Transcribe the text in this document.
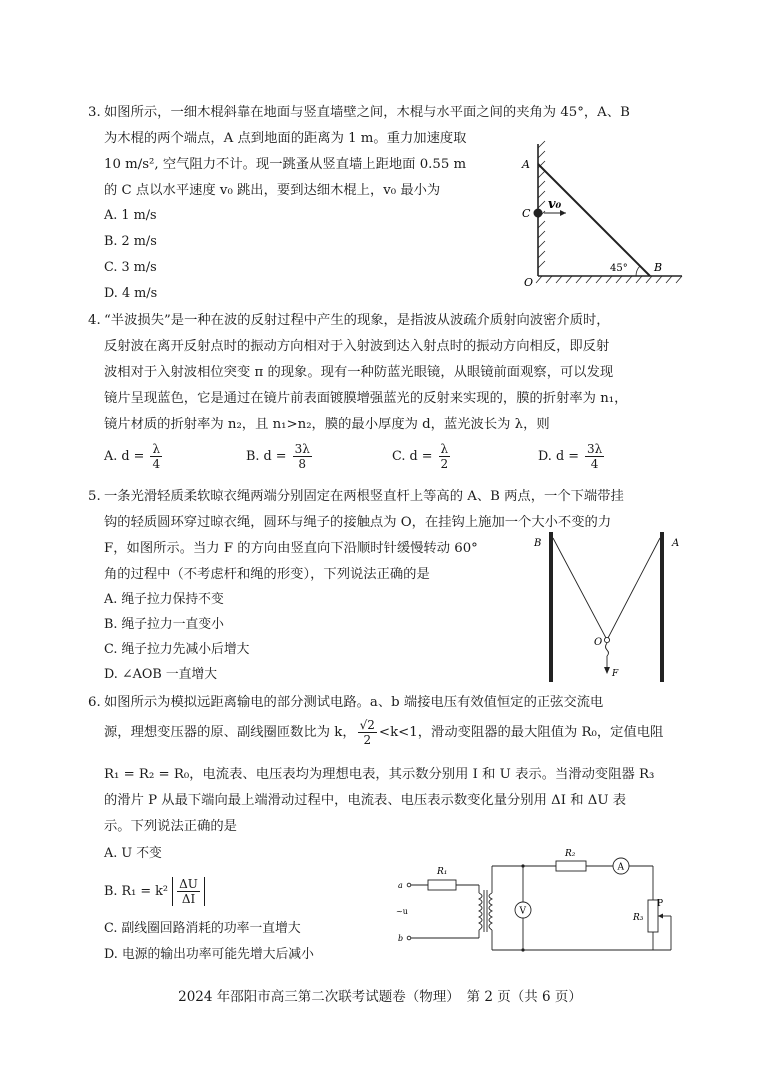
3. 如图所示，一细木棍斜靠在地面与竖直墙壁之间，木棍与水平面之间的夹角为 45°，A、B
为木棍的两个端点，A 点到地面的距离为 1 m。重力加速度取
10 m/s², 空气阻力不计。现一跳蚤从竖直墙上距地面 0.55 m
的 C 点以水平速度 v₀ 跳出，要到达细木棍上，v₀ 最小为
A. 1 m/s
B. 2 m/s
C. 3 m/s
D. 4 m/s
A
C
O
B
45°
v₀
4. “半波损失”是一种在波的反射过程中产生的现象，是指波从波疏介质射向波密介质时，
反射波在离开反射点时的振动方向相对于入射波到达入射点时的振动方向相反，即反射
波相对于入射波相位突变 π 的现象。现有一种防蓝光眼镜，从眼镜前面观察，可以发现
镜片呈现蓝色，它是通过在镜片前表面镀膜增强蓝光的反射来实现的，膜的折射率为 n₁，
镜片材质的折射率为 n₂，且 n₁>n₂，膜的最小厚度为 d，蓝光波长为 λ，则
A. $d = \frac{\lambda}{4}$	B. $d = \frac{3\lambda}{8}$	C. $d = \frac{\lambda}{2}$	D. $d = \frac{3\lambda}{4}$
5. 一条光滑轻质柔软晾衣绳两端分别固定在两根竖直杆上等高的 A、B 两点，一个下端带挂
钩的轻质圆环穿过晾衣绳，圆环与绳子的接触点为 O，在挂钩上施加一个大小不变的力
F，如图所示。当力 F 的方向由竖直向下沿顺时针缓慢转动 60°
角的过程中（不考虑杆和绳的形变），下列说法正确的是
A. 绳子拉力保持不变
B. 绳子拉力一直变小
C. 绳子拉力先减小后增大
D. ∠AOB 一直增大
B	A
O
F
6. 如图所示为模拟远距离输电的部分测试电路。a、b 端接电压有效值恒定的正弦交流电
源，理想变压器的原、副线圈匝数比为 k， $\frac{√2}{2} <k<1$，滑动变阻器的最大阻值为 R₀，定值电阻
R₁ = R₂ = R₀，电流表、电压表均为理想电表，其示数分别用 I 和 U 表示。当滑动变阻器 R₃
的滑片 P 从最下端向最上端滑动过程中，电流表、电压表示数变化量分别用 ΔI 和 ΔU 表
示。下列说法正确的是
A. U 不变
B. $R_1 = k^2 \frac{\Delta U}{\Delta I}$
C. 副线圈回路消耗的功率一直增大
D. 电源的输出功率可能先增大后减小
a
b
~u
R₁
V
R₂
A
R₃
P
2024 年邵阳市高三第二次联考试题卷（物理）　第 2 页（共 6 页）
